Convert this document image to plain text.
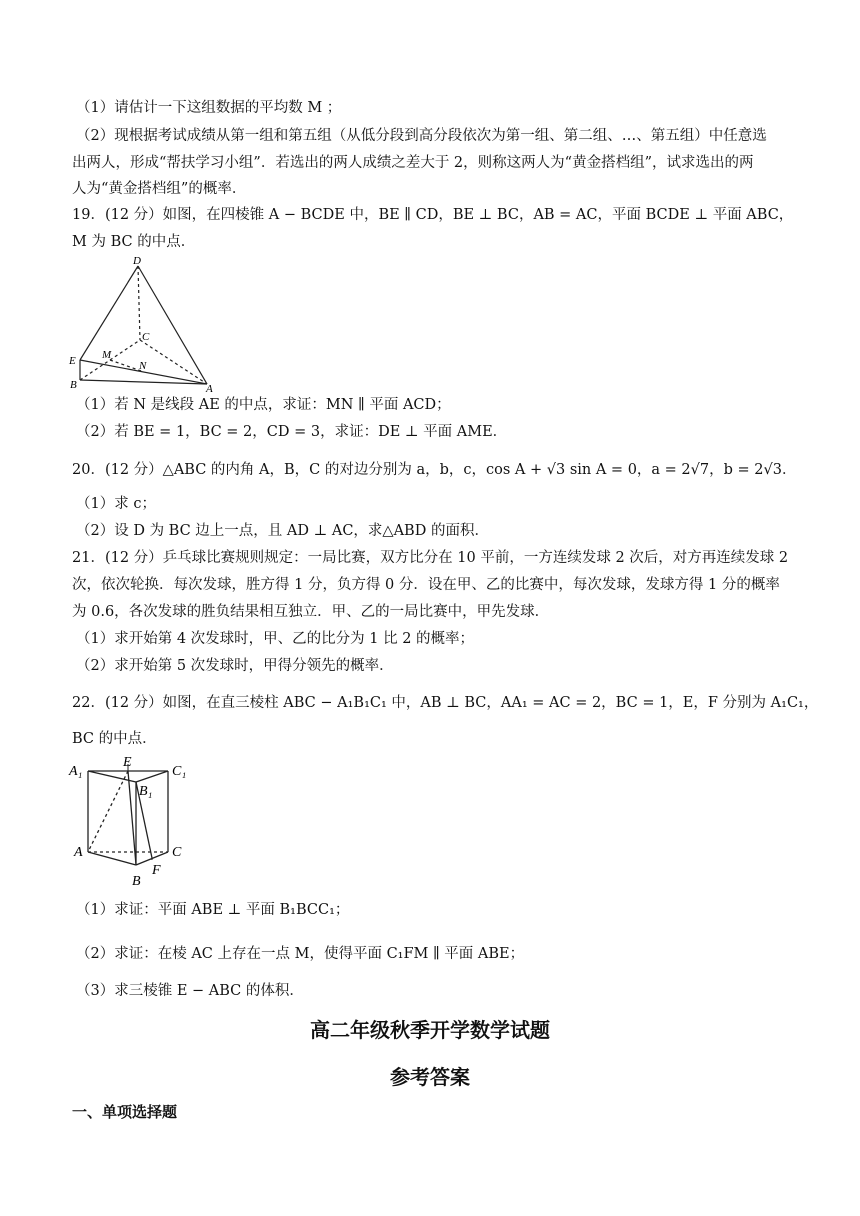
（1）请估计一下这组数据的平均数 M ；
（2）现根据考试成绩从第一组和第五组（从低分段到高分段依次为第一组、第二组、…、第五组）中任意选
出两人，形成“帮扶学习小组”．若选出的两人成绩之差大于 2，则称这两人为“黄金搭档组”，试求选出的两
人为“黄金搭档组”的概率．
19．(12 分）如图，在四棱锥 A − BCDE 中，BE ∥ CD，BE ⊥ BC，AB = AC，平面 BCDE ⊥ 平面 ABC，
M 为 BC 的中点．
D
C
E M
N
B	A
（1）若 N 是线段 AE 的中点，求证：MN ∥ 平面 ACD；
（2）若 BE = 1，BC = 2，CD = 3，求证：DE ⊥ 平面 AME．
20．(12 分）△ABC 的内角 A，B，C 的对边分别为 a，b，c，cos A + √3 sin A = 0，a = 2√7，b = 2√3．
（1）求 c；
（2）设 D 为 BC 边上一点，且 AD ⊥ AC，求△ABD 的面积．
21．(12 分）乒乓球比赛规则规定：一局比赛，双方比分在 10 平前，一方连续发球 2 次后，对方再连续发球 2
次，依次轮换．每次发球，胜方得 1 分，负方得 0 分．设在甲、乙的比赛中，每次发球，发球方得 1 分的概率
为 0.6，各次发球的胜负结果相互独立．甲、乙的一局比赛中，甲先发球．
（1）求开始第 4 次发球时，甲、乙的比分为 1 比 2 的概率；
（2）求开始第 5 次发球时，甲得分领先的概率．
22．(12 分）如图，在直三棱柱 ABC − A₁B₁C₁ 中，AB ⊥ BC，AA₁ = AC = 2，BC = 1，E，F 分别为 A₁C₁，
BC 的中点．
A₁
E
C₁
B₁
A	C
B
F
（1）求证：平面 ABE ⊥ 平面 B₁BCC₁；
（2）求证：在棱 AC 上存在一点 M，使得平面 C₁FM ∥ 平面 ABE；
（3）求三棱锥 E − ABC 的体积．
高二年级秋季开学数学试题
参考答案
一、单项选择题
